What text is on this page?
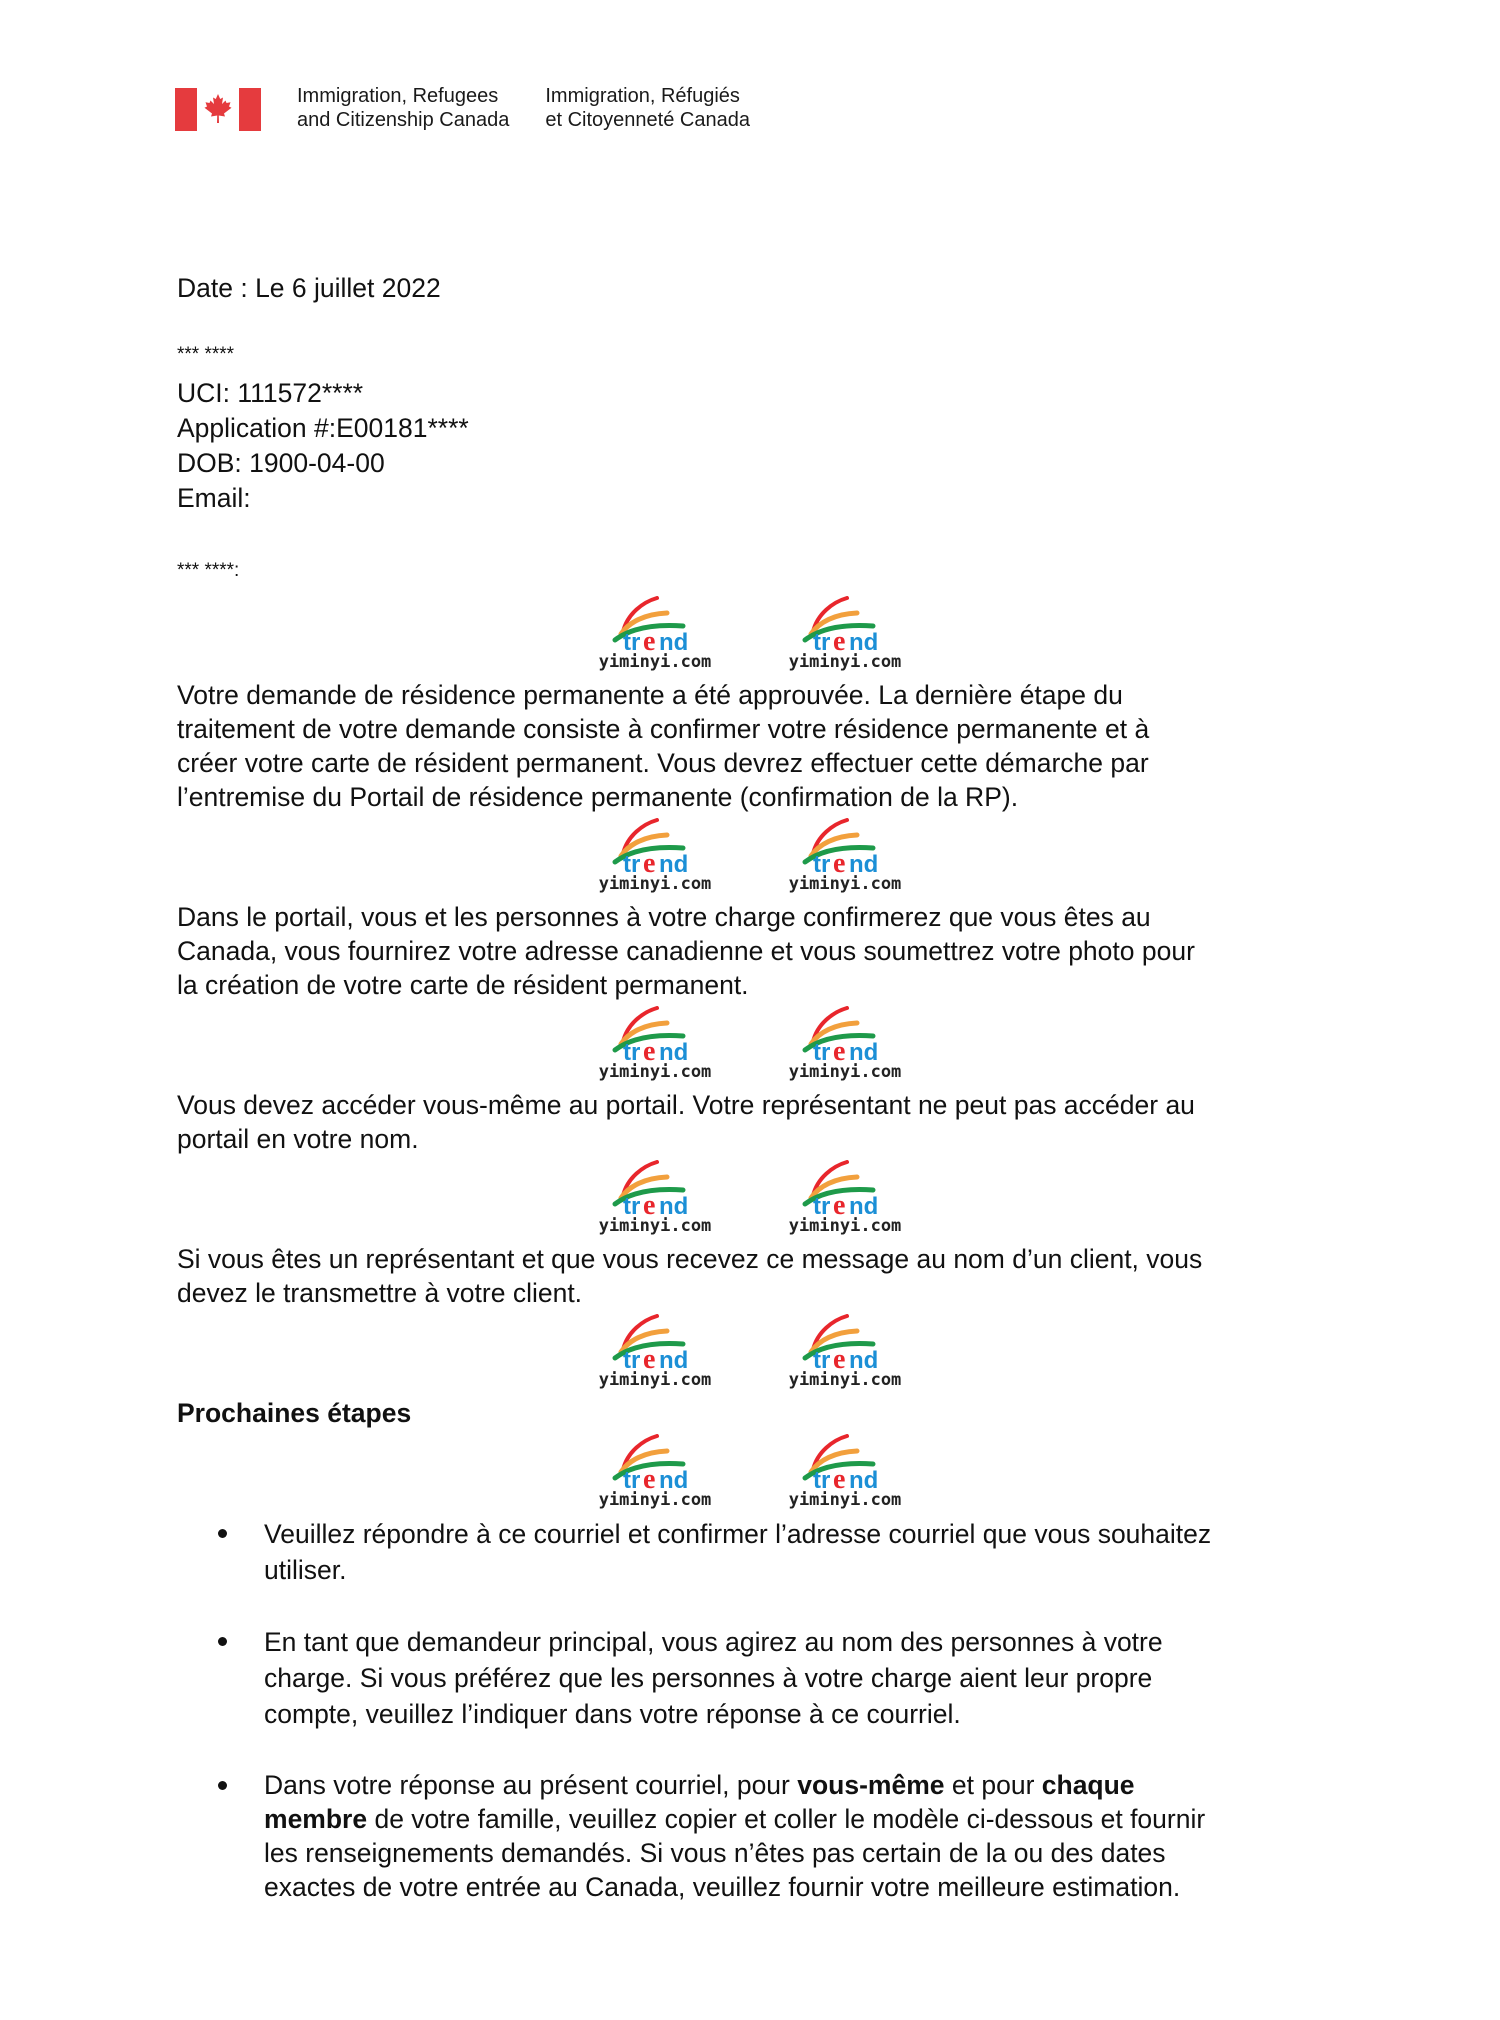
Immigration, Refugees
and Citizenship Canada
Immigration, Réfugiés
et Citoyenneté Canada
Date : Le 6 juillet 2022
*** ****
UCI: 111572****
Application #:E00181****
DOB: 1900-04-00
Email:
*** ****:
tr e nd
yiminyi.com
tr e nd
yiminyi.com
Votre demande de résidence permanente a été approuvée. La dernière étape du
traitement de votre demande consiste à confirmer votre résidence permanente et à
créer votre carte de résident permanent. Vous devrez effectuer cette démarche par
l’entremise du Portail de résidence permanente (confirmation de la RP).
tr e nd
yiminyi.com
tr e nd
yiminyi.com
Dans le portail, vous et les personnes à votre charge confirmerez que vous êtes au
Canada, vous fournirez votre adresse canadienne et vous soumettrez votre photo pour
la création de votre carte de résident permanent.
tr e nd
yiminyi.com
tr e nd
yiminyi.com
Vous devez accéder vous-même au portail. Votre représentant ne peut pas accéder au
portail en votre nom.
tr e nd
yiminyi.com
tr e nd
yiminyi.com
Si vous êtes un représentant et que vous recevez ce message au nom d’un client, vous
devez le transmettre à votre client.
tr e nd
yiminyi.com
tr e nd
yiminyi.com
Prochaines étapes
tr e nd
yiminyi.com
tr e nd
yiminyi.com
Veuillez répondre à ce courriel et confirmer l’adresse courriel que vous souhaitez
utiliser.
En tant que demandeur principal, vous agirez au nom des personnes à votre
charge. Si vous préférez que les personnes à votre charge aient leur propre
compte, veuillez l’indiquer dans votre réponse à ce courriel.
Dans votre réponse au présent courriel, pour vous-même et pour chaque
membre de votre famille, veuillez copier et coller le modèle ci-dessous et fournir
les renseignements demandés. Si vous n’êtes pas certain de la ou des dates
exactes de votre entrée au Canada, veuillez fournir votre meilleure estimation.
